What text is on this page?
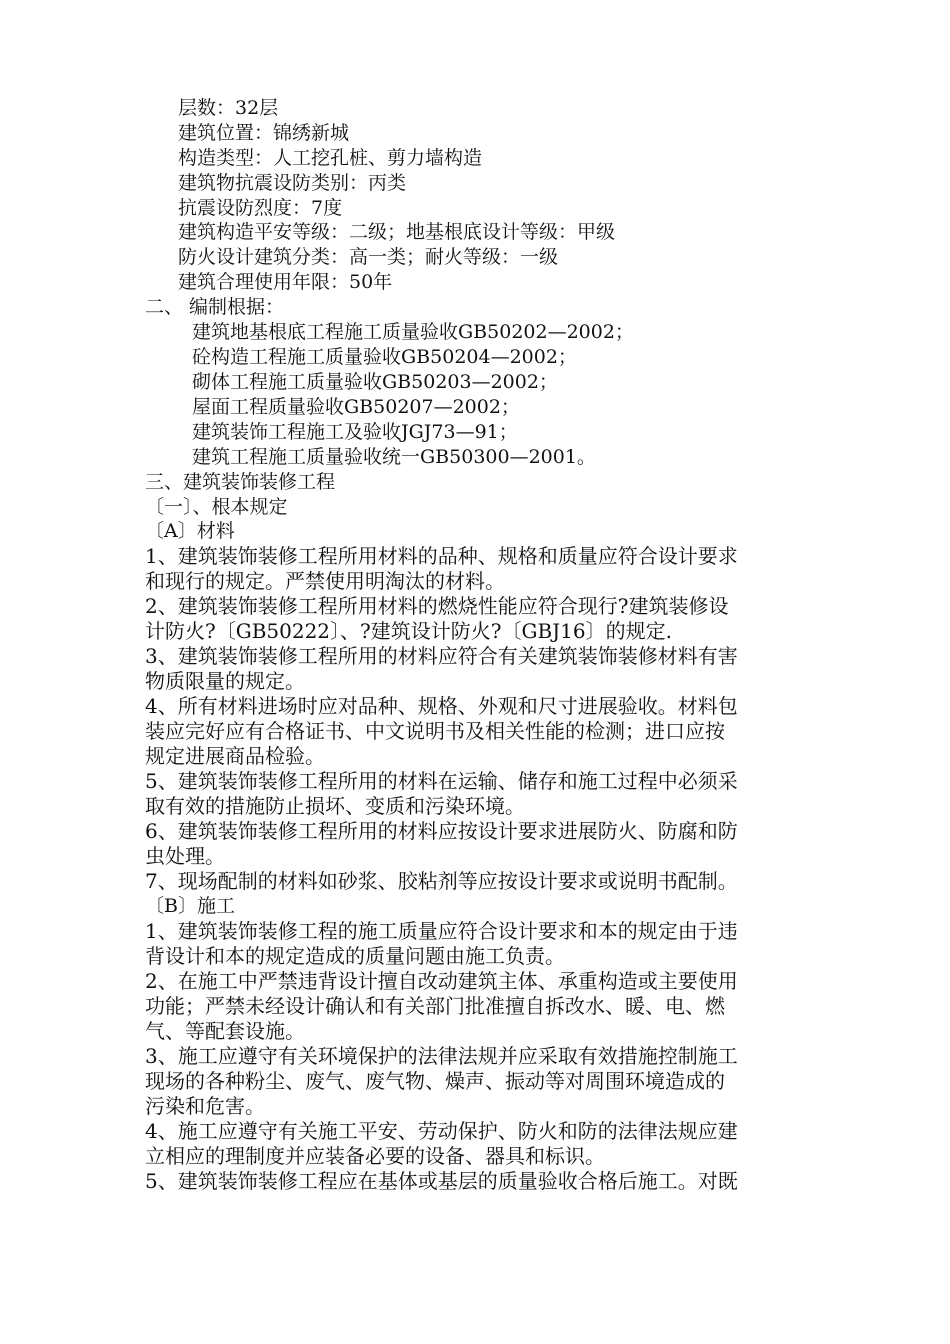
层数：32层
建筑位置：锦绣新城
构造类型：人工挖孔桩、剪力墙构造
建筑物抗震设防类别：丙类
抗震设防烈度：7度
建筑构造平安等级：二级；地基根底设计等级：甲级
防火设计建筑分类：高一类；耐火等级：一级
建筑合理使用年限：50年
二、 编制根据：
建筑地基根底工程施工质量验收GB50202—2002；
砼构造工程施工质量验收GB50204—2002；
砌体工程施工质量验收GB50203—2002；
屋面工程质量验收GB50207—2002；
建筑装饰工程施工及验收JGJ73—91；
建筑工程施工质量验收统一GB50300—2001。
三、建筑装饰装修工程
〔一〕、根本规定
〔A〕材料
1、建筑装饰装修工程所用材料的品种、规格和质量应符合设计要求
和现行的规定。严禁使用明淘汰的材料。
2、建筑装饰装修工程所用材料的燃烧性能应符合现行?建筑装修设
计防火?〔GB50222〕、?建筑设计防火?〔GBJ16〕的规定.
3、建筑装饰装修工程所用的材料应符合有关建筑装饰装修材料有害
物质限量的规定。
4、所有材料进场时应对品种、规格、外观和尺寸进展验收。材料包
装应完好应有合格证书、中文说明书及相关性能的检测；进口应按
规定进展商品检验。
5、建筑装饰装修工程所用的材料在运输、储存和施工过程中必须采
取有效的措施防止损坏、变质和污染环境。
6、建筑装饰装修工程所用的材料应按设计要求进展防火、防腐和防
虫处理。
7、现场配制的材料如砂浆、胶粘剂等应按设计要求或说明书配制。
〔B〕施工
1、建筑装饰装修工程的施工质量应符合设计要求和本的规定由于违
背设计和本的规定造成的质量问题由施工负责。
2、在施工中严禁违背设计擅自改动建筑主体、承重构造或主要使用
功能；严禁未经设计确认和有关部门批准擅自拆改水、暖、电、燃
气、等配套设施。
3、施工应遵守有关环境保护的法律法规并应采取有效措施控制施工
现场的各种粉尘、废气、废气物、燥声、振动等对周围环境造成的
污染和危害。
4、施工应遵守有关施工平安、劳动保护、防火和防的法律法规应建
立相应的理制度并应装备必要的设备、器具和标识。
5、建筑装饰装修工程应在基体或基层的质量验收合格后施工。对既
